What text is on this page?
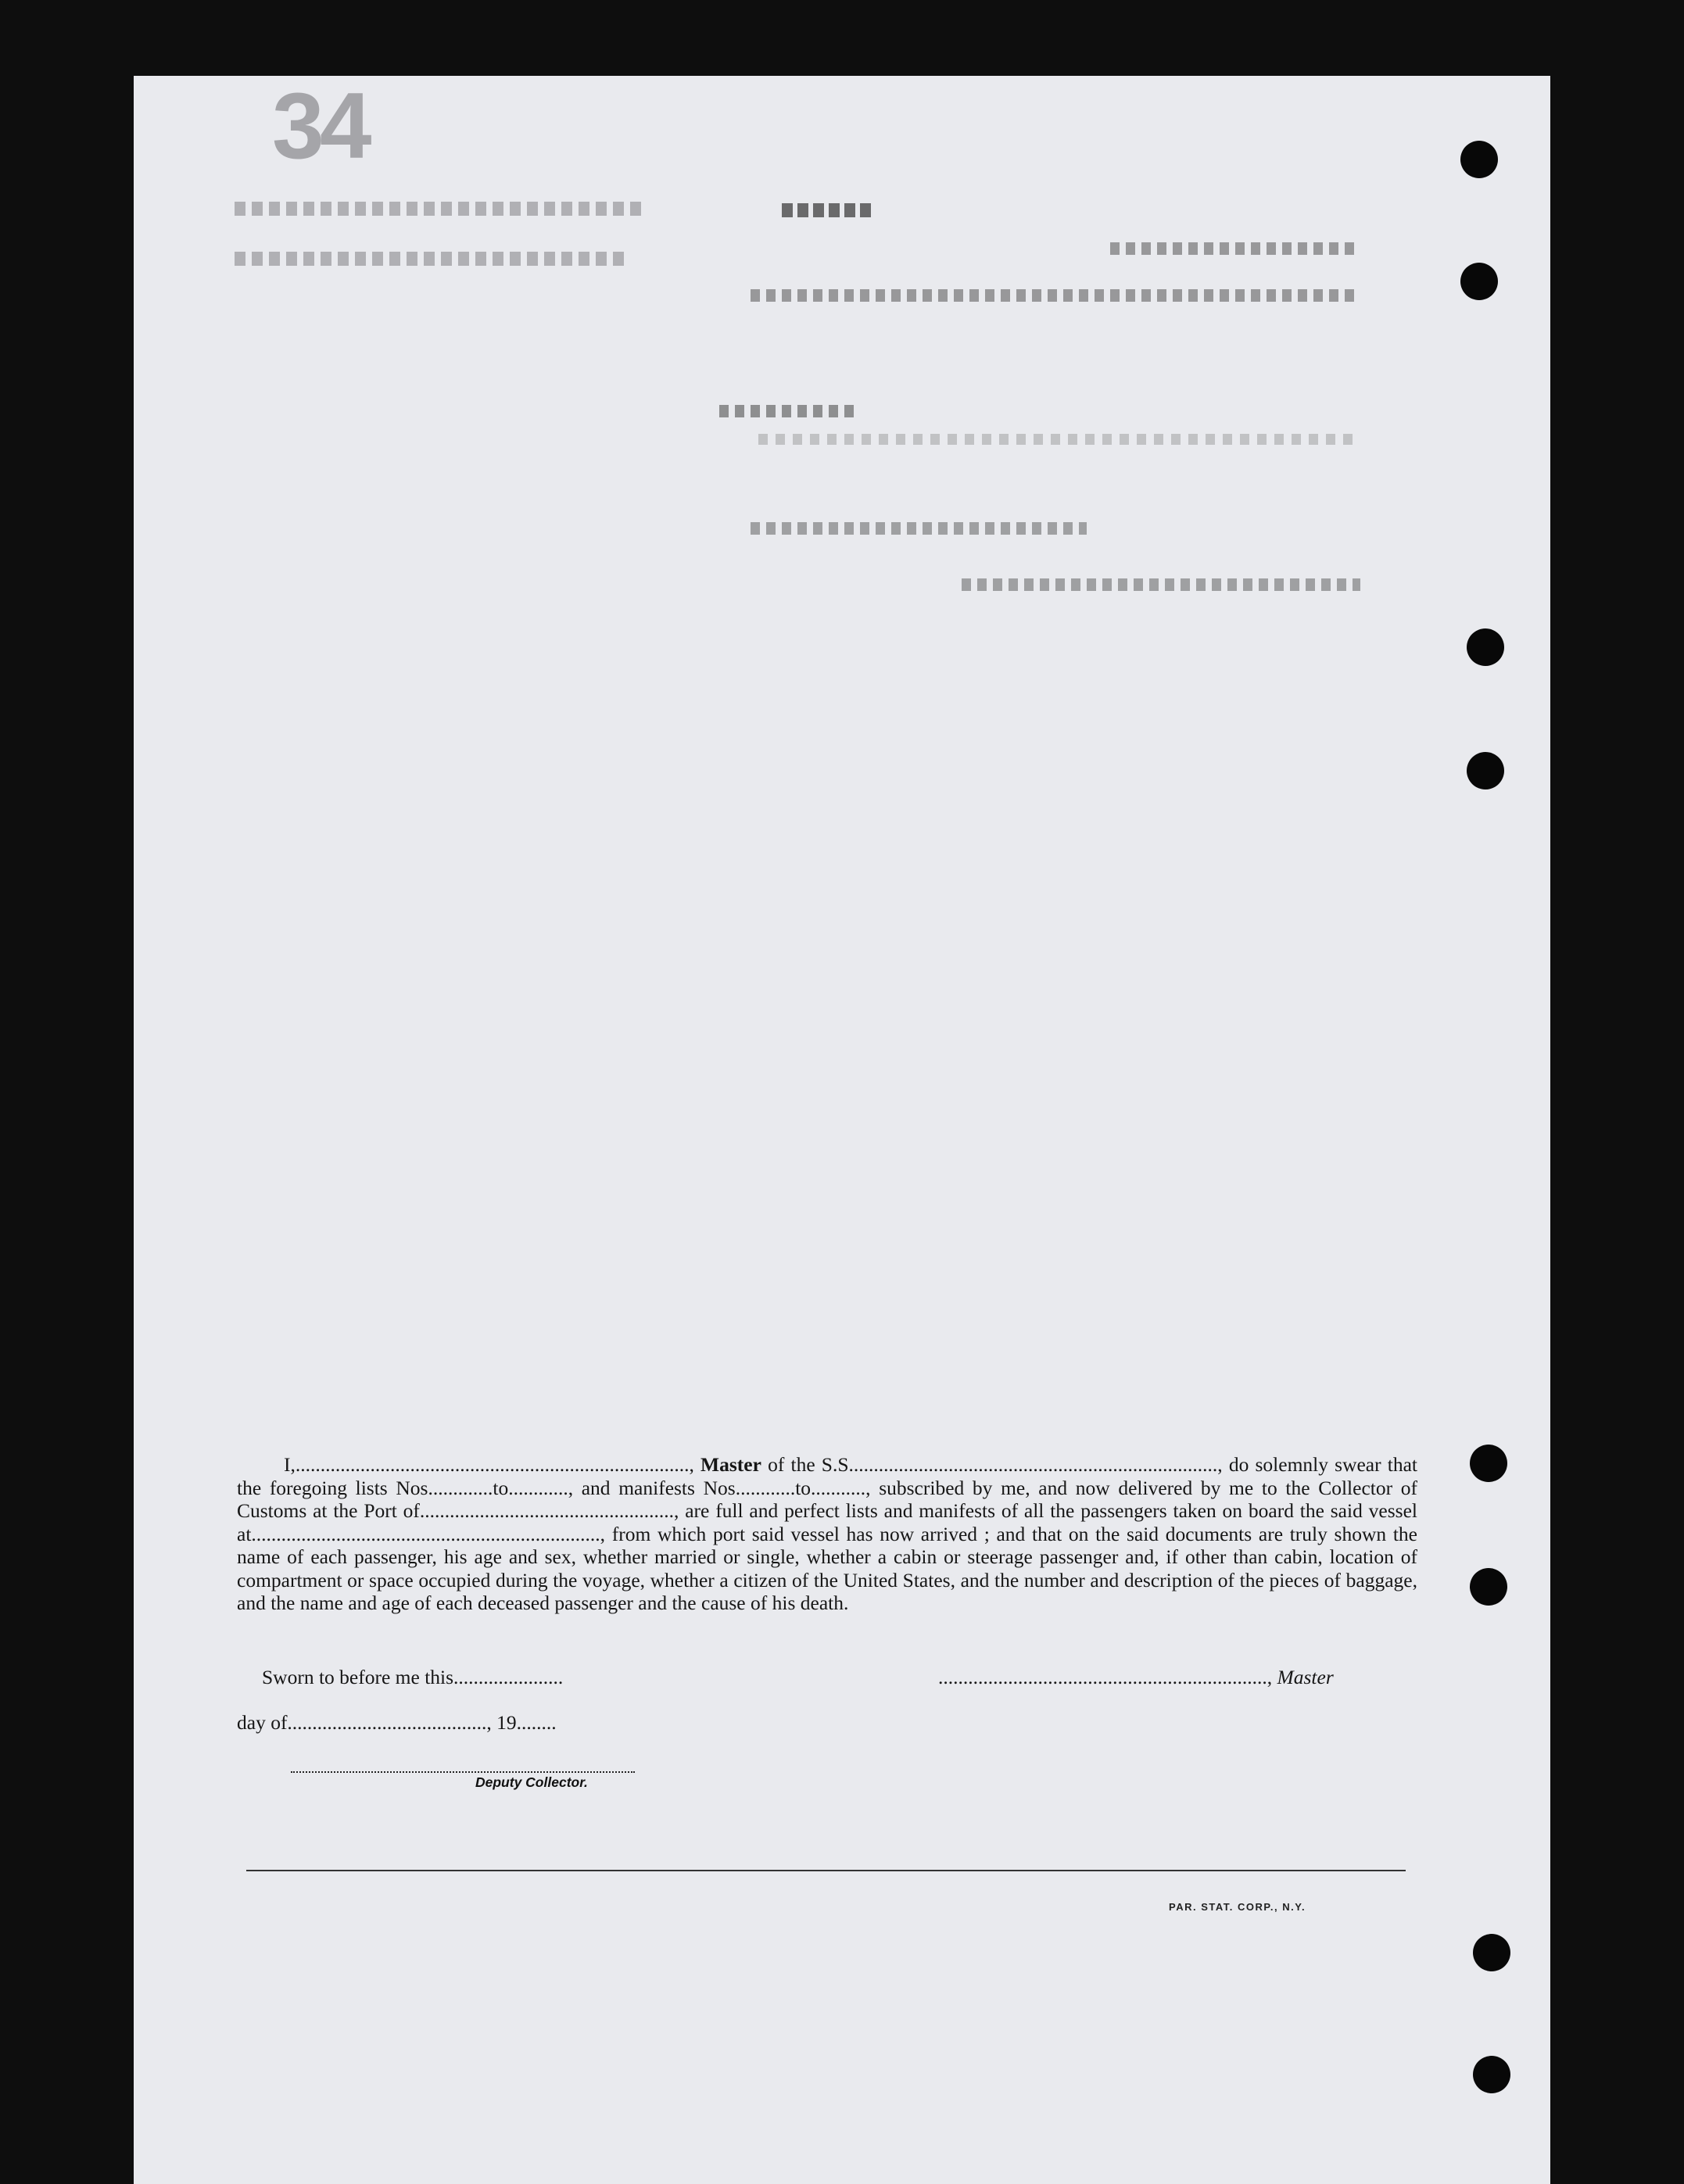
34
I,..............................................................................., Master of the S.S.........................................................................., do solemnly swear that the foregoing lists Nos.............to............, and manifests Nos............to..........., subscribed by me, and now delivered by me to the Collector of Customs at the Port of..................................................., are full and perfect lists and manifests of all the passengers taken on board the said vessel at......................................................................, from which port said vessel has now arrived ; and that on the said documents are truly shown the name of each passenger, his age and sex, whether married or single, whether a cabin or steerage passenger and, if other than cabin, location of compartment or space occupied during the voyage, whether a citizen of the United States, and the number and description of the pieces of baggage, and the name and age of each deceased passenger and the cause of his death.
Sworn to before me this......................	.................................................................., Master
day of........................................, 19........
Deputy Collector.
PAR. STAT. CORP., N.Y.
